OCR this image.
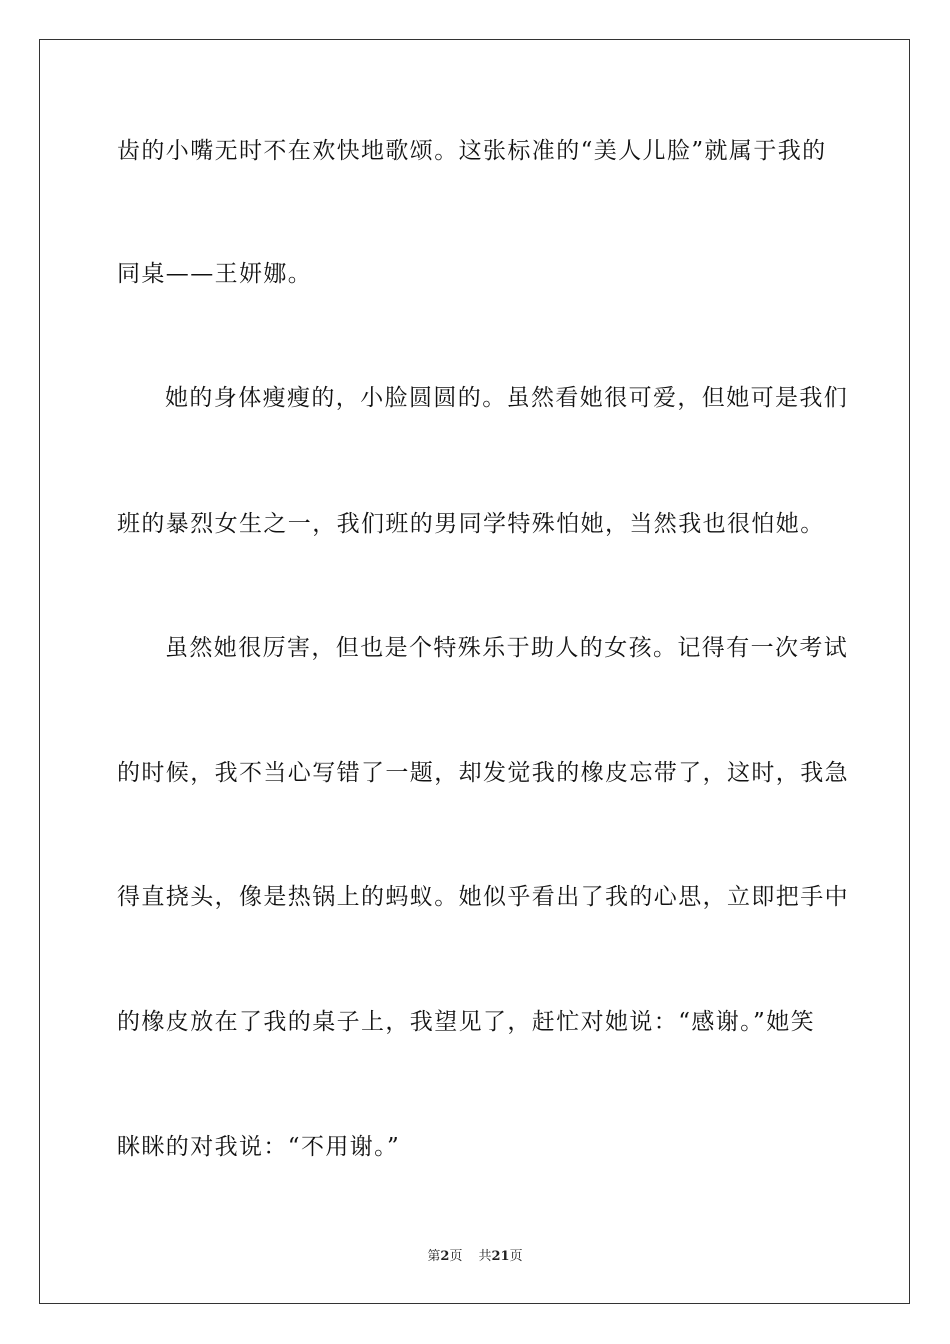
齿的小嘴无时不在欢快地歌颂。这张标准的“美人儿脸”就属于我的
同桌——王妍娜。
她的身体瘦瘦的，小脸圆圆的。虽然看她很可爱，但她可是我们
班的暴烈女生之一，我们班的男同学特殊怕她，当然我也很怕她。
虽然她很厉害，但也是个特殊乐于助人的女孩。记得有一次考试
的时候，我不当心写错了一题，却发觉我的橡皮忘带了，这时，我急
得直挠头，像是热锅上的蚂蚁。她似乎看出了我的心思，立即把手中
的橡皮放在了我的桌子上，我望见了，赶忙对她说：“感谢。”她笑
眯眯的对我说：“不用谢。”
第2页 共21页
